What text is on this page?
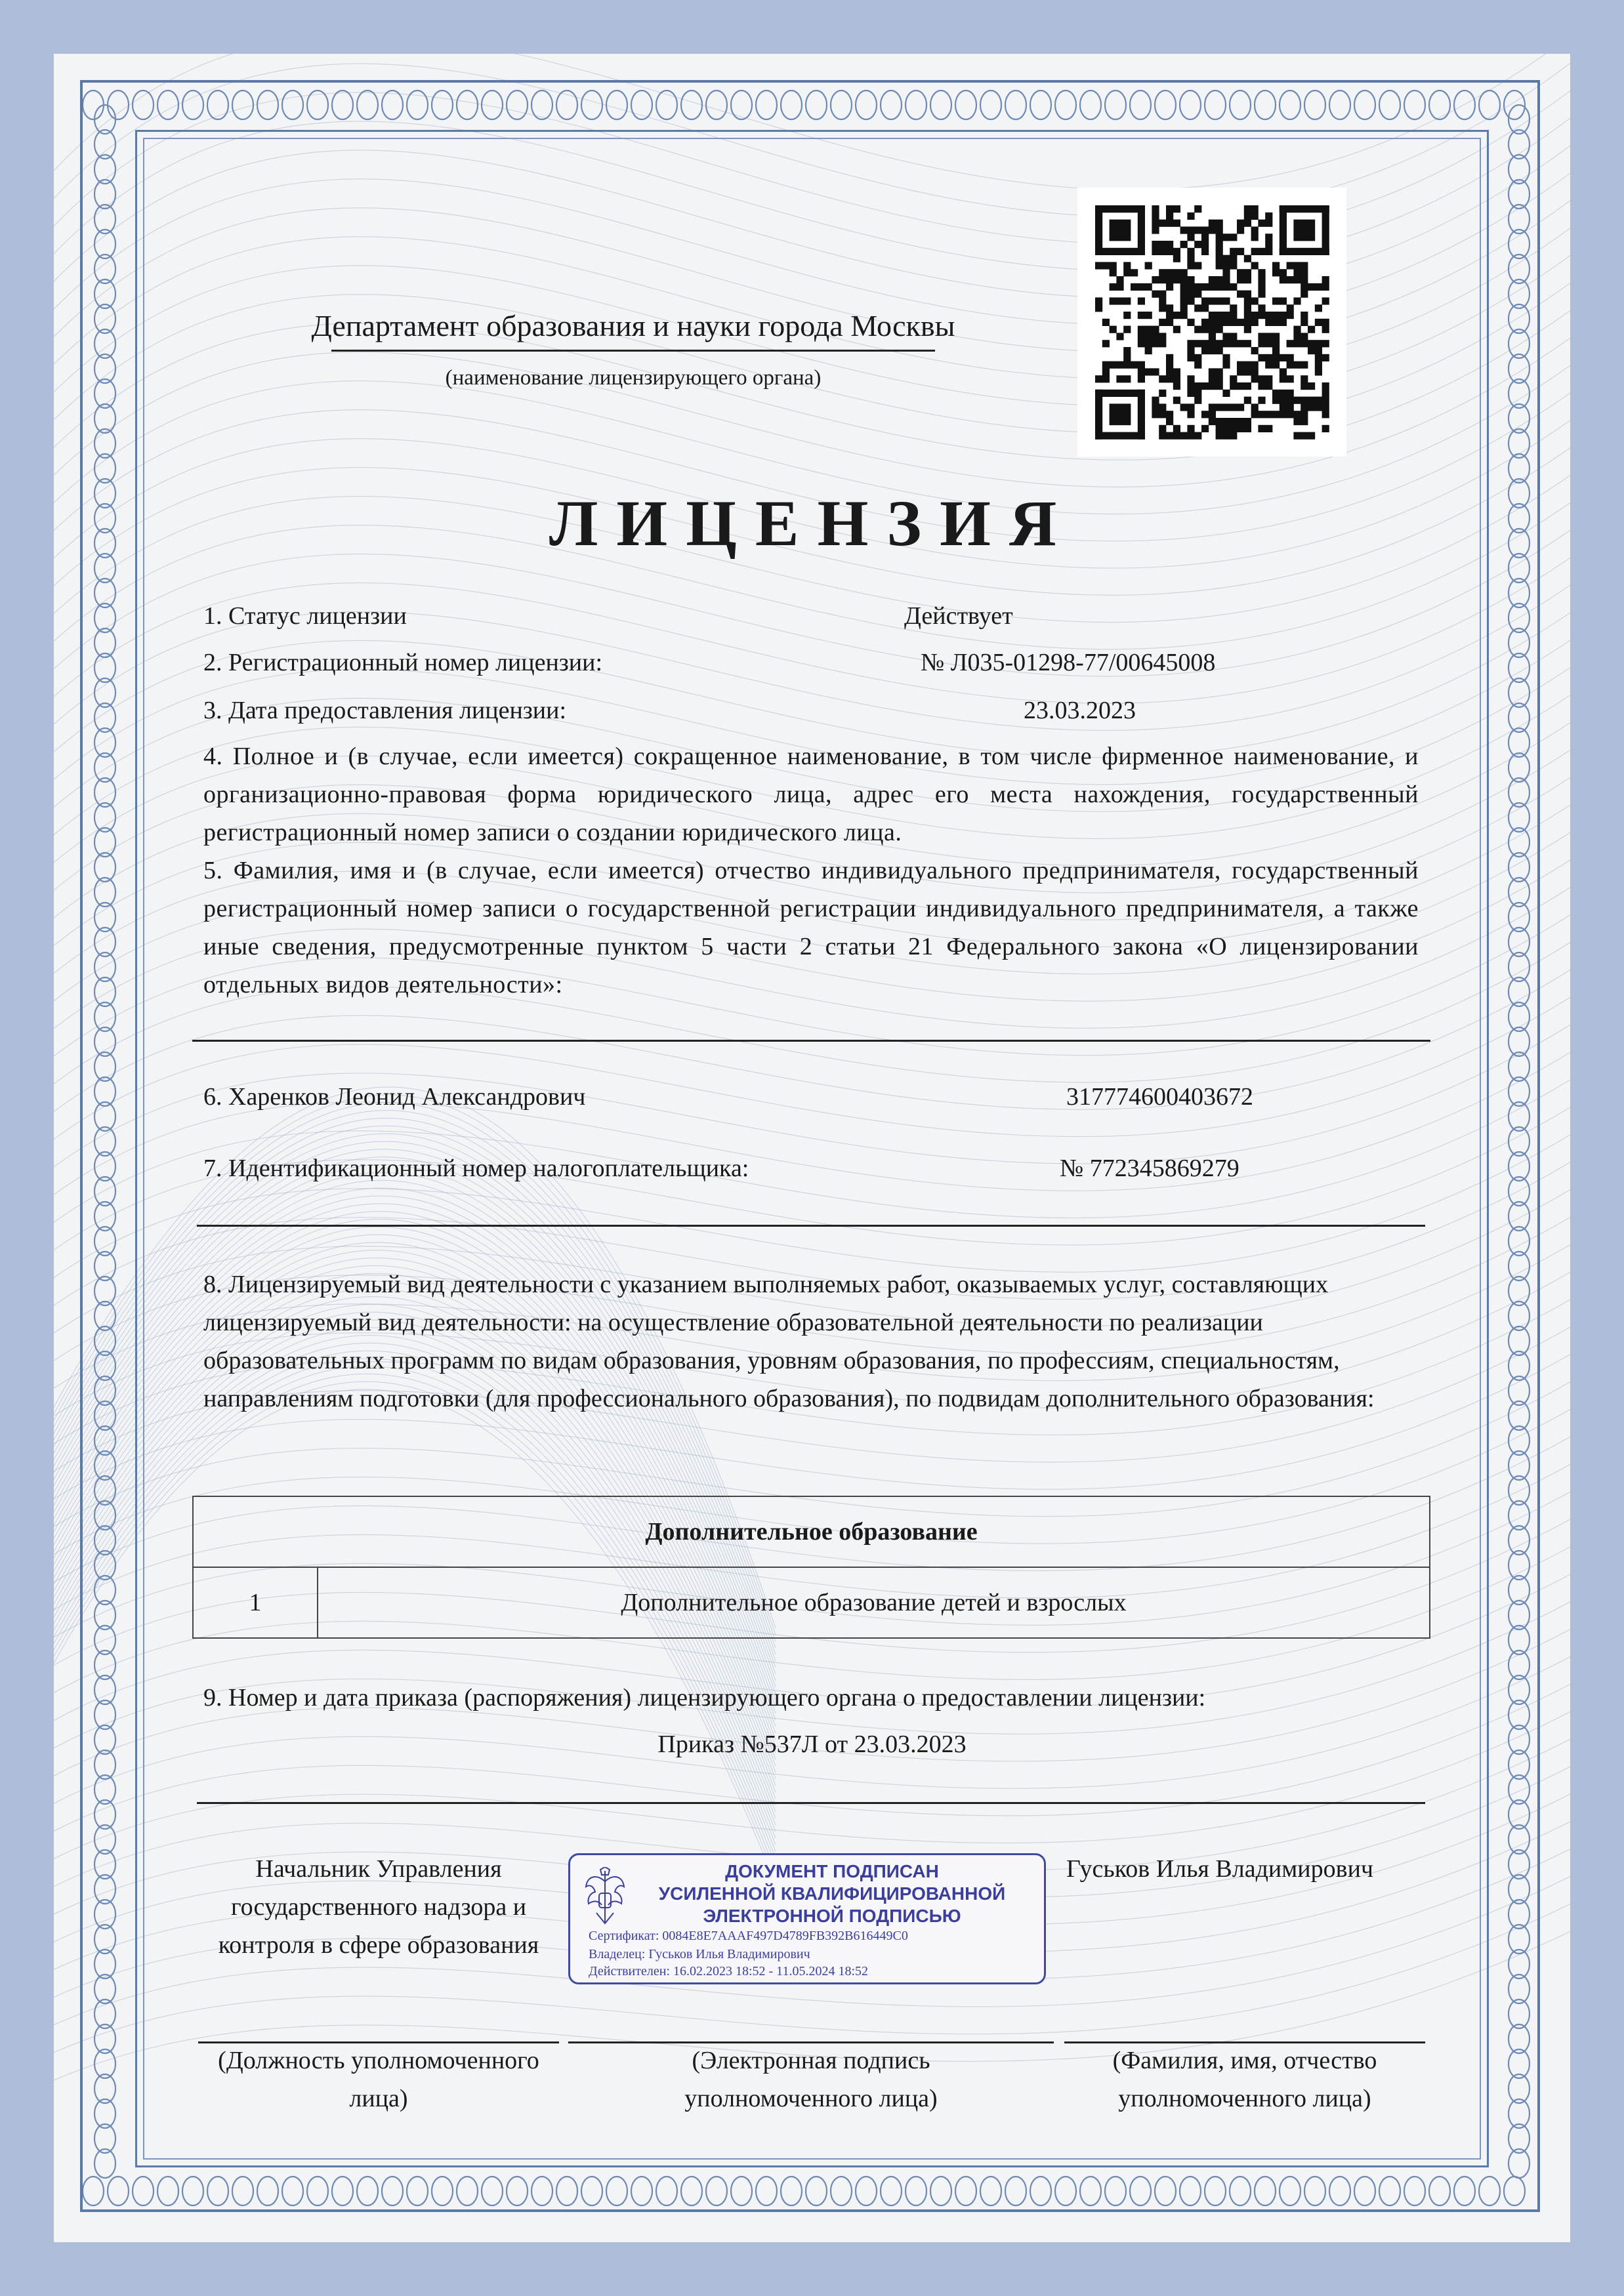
Департамент образования и науки города Москвы
(наименование лицензирующего органа)
ЛИЦЕНЗИЯ
1. Статус лицензии	Действует
2. Регистрационный номер лицензии:	№ Л035-01298-77/00645008
3. Дата предоставления лицензии:	23.03.2023
4. Полное и (в случае, если имеется) сокращенное наименование, в том числе фирменное наименование, и организационно-правовая форма юридического лица, адрес его места нахождения, государственный регистрационный номер записи о создании юридического лица.
5. Фамилия, имя и (в случае, если имеется) отчество индивидуального предпринимателя, государственный регистрационный номер записи о государственной регистрации индивидуального предпринимателя, а также иные сведения, предусмотренные пунктом 5 части 2 статьи 21 Федерального закона «О лицензировании отдельных видов деятельности»:
6. Харенков Леонид Александрович	317774600403672
7. Идентификационный номер налогоплательщика:	№ 772345869279
8. Лицензируемый вид деятельности с указанием выполняемых работ, оказываемых услуг, составляющих лицензируемый вид деятельности: на осуществление образовательной деятельности по реализации образовательных программ по видам образования, уровням образования, по профессиям, специальностям, направлениям подготовки (для профессионального образования), по подвидам дополнительного образования:
Дополнительное образование
1	Дополнительное образование детей и взрослых
9. Номер и дата приказа (распоряжения) лицензирующего органа о предоставлении лицензии:
Приказ №537Л от 23.03.2023
Начальник Управления государственного надзора и контроля в сфере образования
ДОКУМЕНТ ПОДПИСАН
УСИЛЕННОЙ КВАЛИФИЦИРОВАННОЙ
ЭЛЕКТРОННОЙ ПОДПИСЬЮ
Сертификат: 0084E8E7AAAF497D4789FB392B616449C0
Владелец: Гуськов Илья Владимирович
Действителен: 16.02.2023 18:52 - 11.05.2024 18:52
Гуськов Илья Владимирович
(Должность уполномоченного лица)
(Электронная подпись уполномоченного лица)
(Фамилия, имя, отчество уполномоченного лица)
